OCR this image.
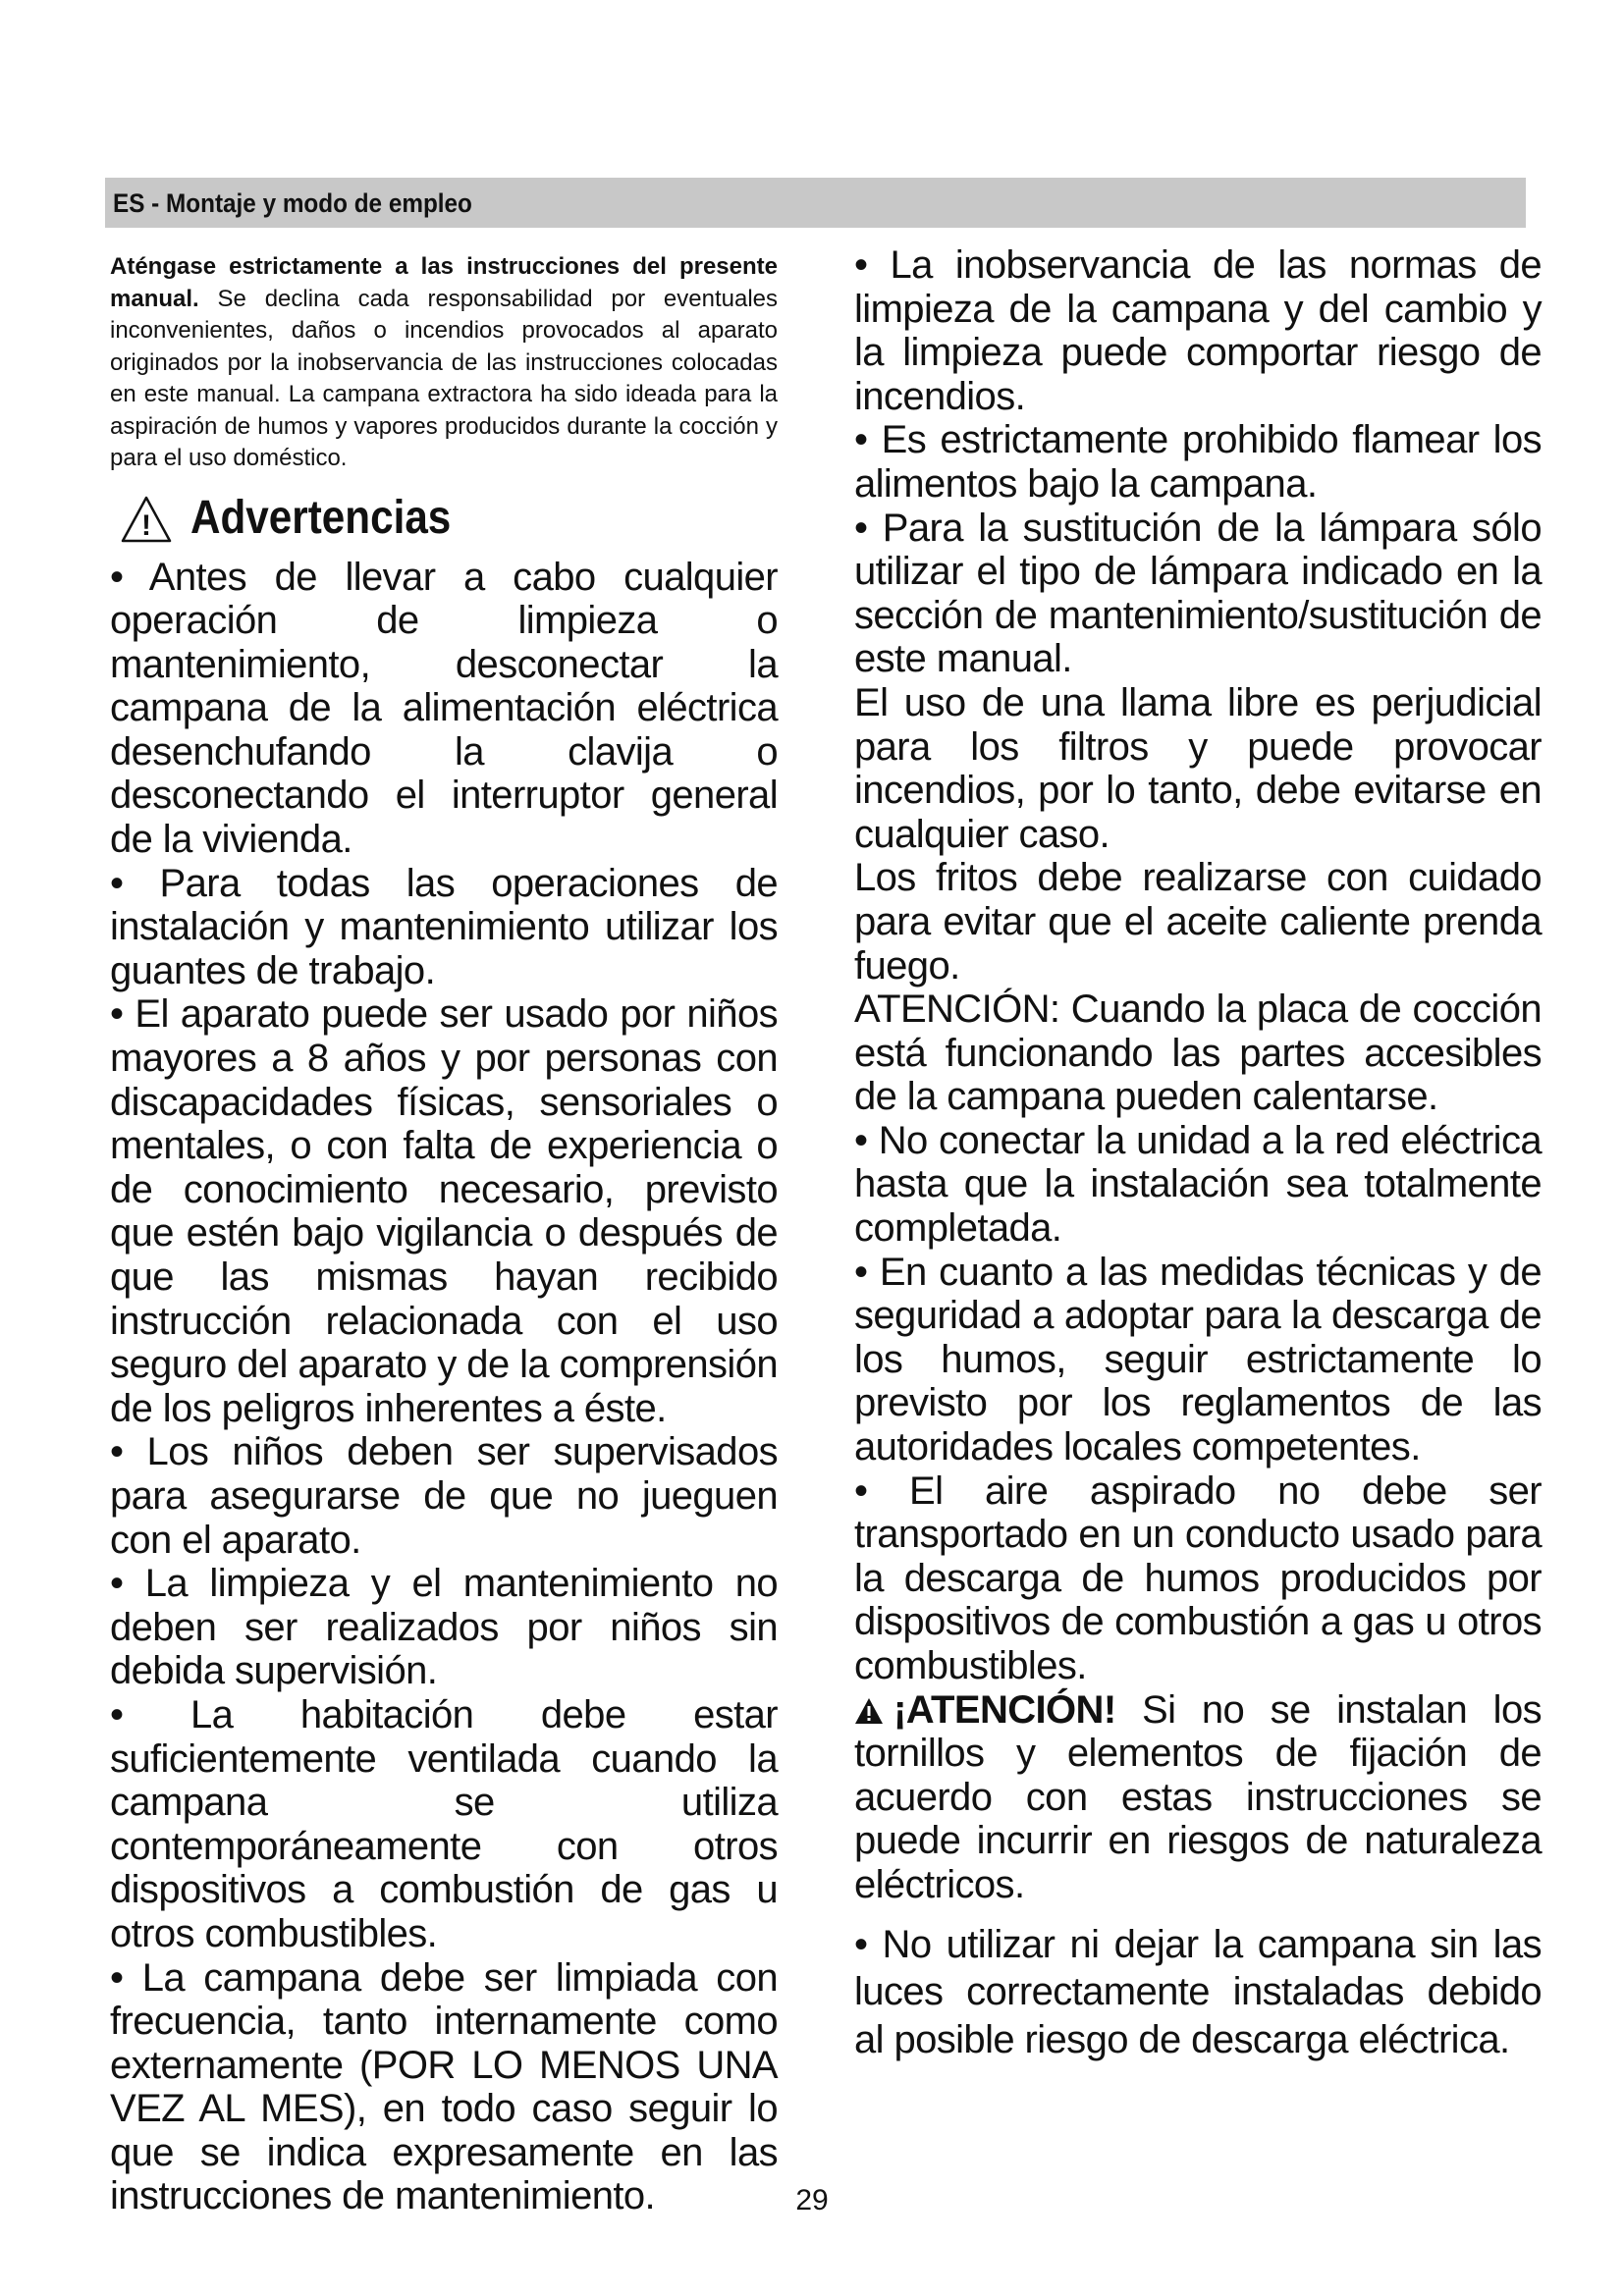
ES - Montaje y modo de empleo

Aténgase estrictamente a las instrucciones del presente manual. Se declina cada responsabilidad por eventuales inconvenientes, daños o incendios provocados al aparato originados por la inobservancia de las instrucciones colocadas en este manual. La campana extractora ha sido ideada para la aspiración de humos y vapores producidos durante la cocción y para el uso doméstico.

! Advertencias

• Antes de llevar a cabo cualquier operación de limpieza o mantenimiento, desconectar la campana de la alimentación eléctrica desenchufando la clavija o desconectando el interruptor general de la vivienda.

• Para todas las operaciones de instalación y mantenimiento utilizar los guantes de trabajo.

• El aparato puede ser usado por niños mayores a 8 años y por personas con discapacidades físicas, sensoriales o mentales, o con falta de experiencia o de conocimiento necesario, previsto que estén bajo vigilancia o después de que las mismas hayan recibido instrucción relacionada con el uso seguro del aparato y de la comprensión de los peligros inherentes a éste.

• Los niños deben ser supervisados para asegurarse de que no jueguen con el aparato.

• La limpieza y el mantenimiento no deben ser realizados por niños sin debida supervisión.

• La habitación debe estar suficientemente ventilada cuando la campana se utiliza contemporáneamente con otros dispositivos a combustión de gas u otros combustibles.

• La campana debe ser limpiada con frecuencia, tanto internamente como externamente (POR LO MENOS UNA VEZ AL MES), en todo caso seguir lo que se indica expresamente en las instrucciones de mantenimiento.

• La inobservancia de las normas de limpieza de la campana y del cambio y la limpieza puede comportar riesgo de incendios.

• Es estrictamente prohibido flamear los alimentos bajo la campana.

• Para la sustitución de la lámpara sólo utilizar el tipo de lámpara indicado en la sección de mantenimiento/sustitución de este manual.

El uso de una llama libre es perjudicial para los filtros y puede provocar incendios, por lo tanto, debe evitarse en cualquier caso.

Los fritos debe realizarse con cuidado para evitar que el aceite caliente prenda fuego.

ATENCIÓN: Cuando la placa de cocción está funcionando las partes accesibles de la campana pueden calentarse.

• No conectar la unidad a la red eléctrica hasta que la instalación sea totalmente completada.

• En cuanto a las medidas técnicas y de seguridad a adoptar para la descarga de los humos, seguir estrictamente lo previsto por los reglamentos de las autoridades locales competentes.

• El aire aspirado no debe ser transportado en un conducto usado para la descarga de humos producidos por dispositivos de combustión a gas u otros combustibles.

¡ATENCIÓN! Si no se instalan los tornillos y elementos de fijación de acuerdo con estas instrucciones se puede incurrir en riesgos de naturaleza eléctricos.

• No utilizar ni dejar la campana sin las luces correctamente instaladas debido al posible riesgo de descarga eléctrica.

29
